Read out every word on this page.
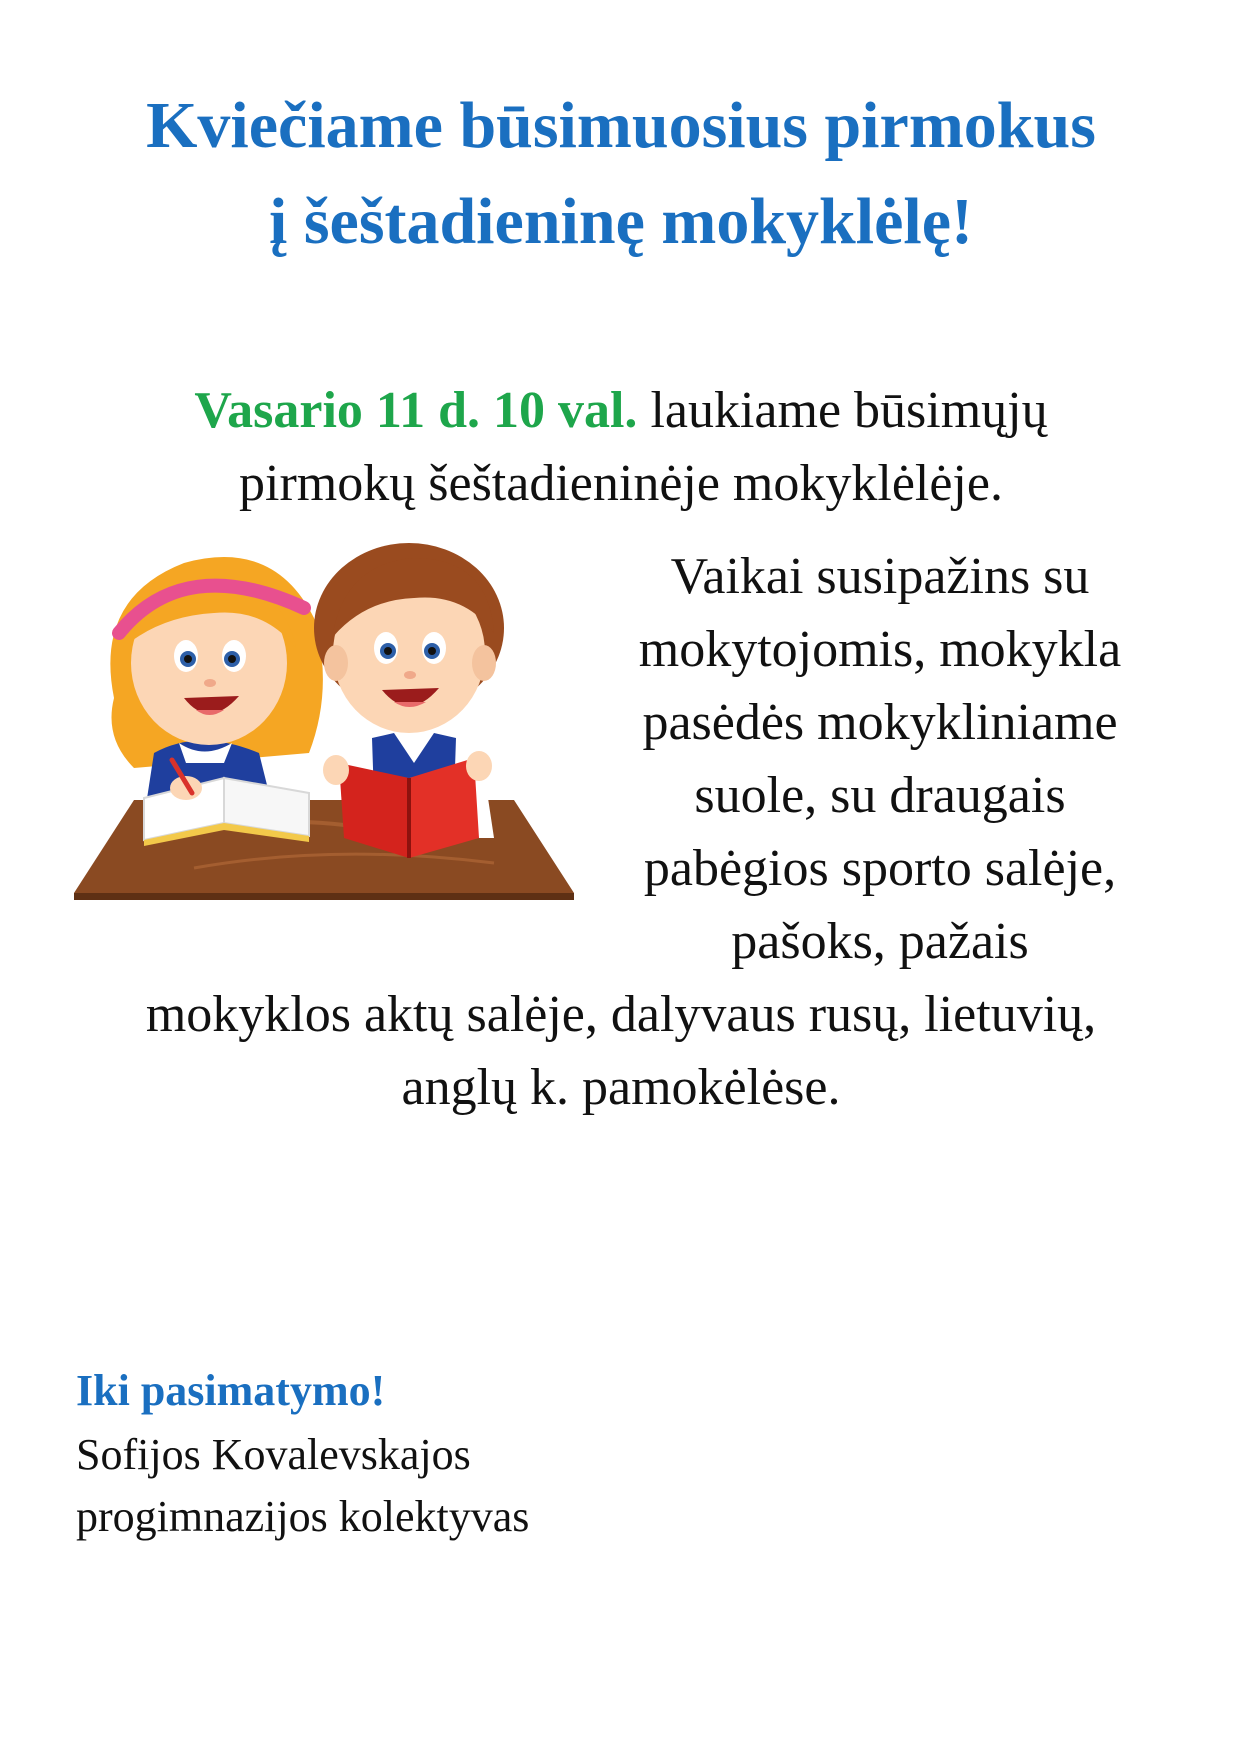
Kviečiame būsimuosius pirmokus
į šeštadieninę mokyklėlę!

Vasario 11 d. 10 val. laukiame būsimųjų
pirmokų šeštadieninėje mokyklėlėje.

Vaikai susipažins su
mokytojomis, mokykla
pasėdės mokykliniame
suole, su draugais
pabėgios sporto salėje,
pašoks, pažais
mokyklos aktų salėje, dalyvaus rusų, lietuvių,
anglų k. pamokėlėse.

Iki pasimatymo!

Sofijos Kovalevskajos
progimnazijos kolektyvas
